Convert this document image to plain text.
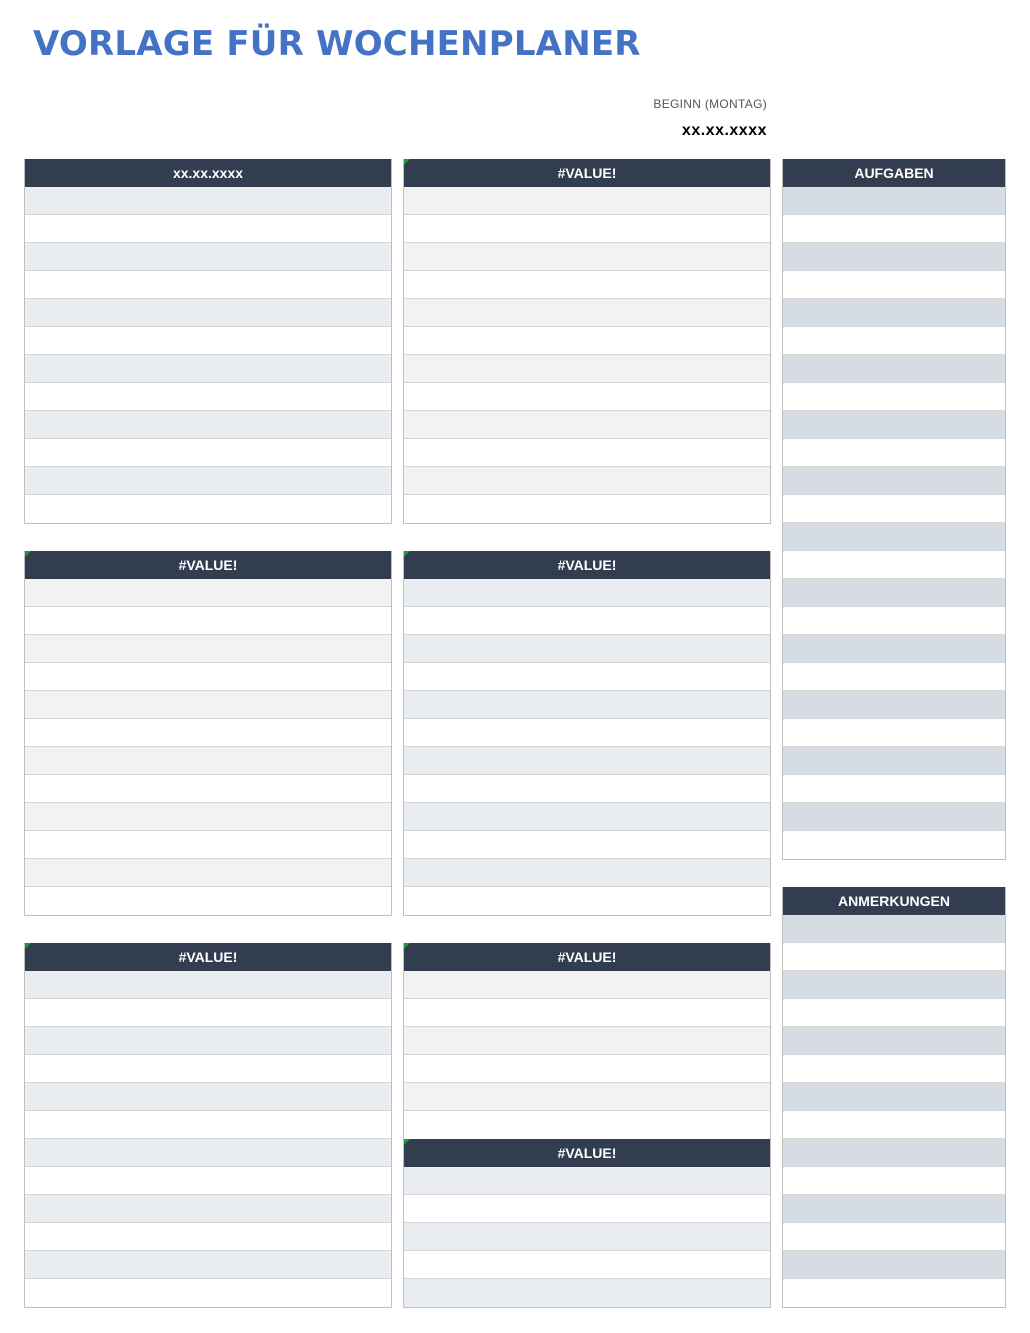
VORLAGE FÜR WOCHENPLANER
BEGINN (MONTAG)
xx.xx.xxxx
xx.xx.xxxx	#VALUE!
#VALUE!	#VALUE!
#VALUE!	#VALUE!
#VALUE!
AUFGABEN
ANMERKUNGEN
